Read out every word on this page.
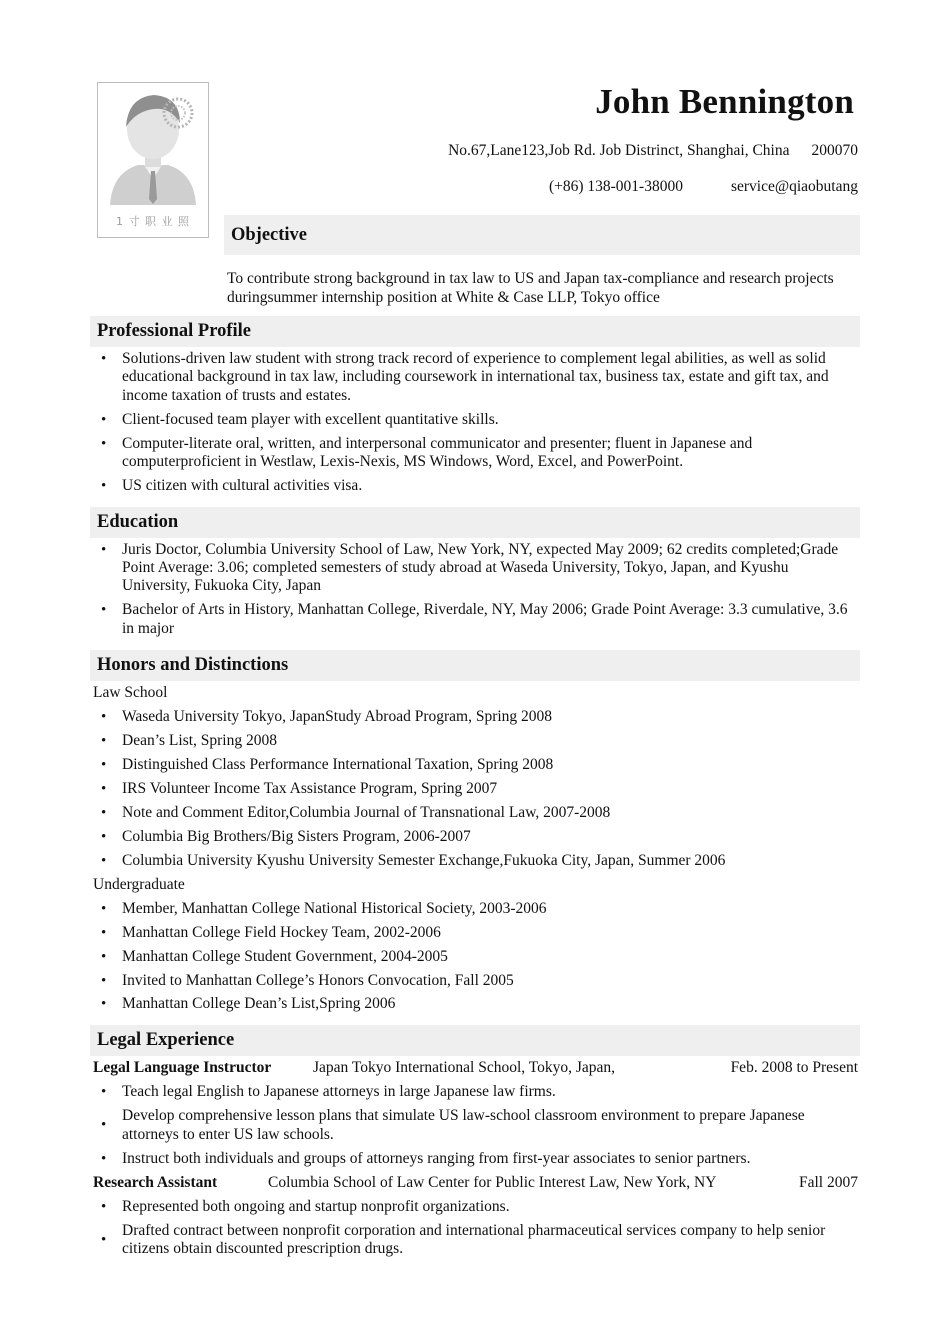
1 寸 职 业 照
John Bennington
No.67,Lane123,Job Rd. Job Distrinct, Shanghai, China 200070
(+86) 138-001-38000	service@qiaobutang
Objective
To contribute strong background in tax law to US and Japan tax-compliance and research projects duringsummer internship position at White & Case LLP, Tokyo office
Professional Profile
• Solutions-driven law student with strong track record of experience to complement legal abilities, as well as solid educational background in tax law, including coursework in international tax, business tax, estate and gift tax, and income taxation of trusts and estates.
• Client-focused team player with excellent quantitative skills.
• Computer-literate oral, written, and interpersonal communicator and presenter; fluent in Japanese and computerproficient in Westlaw, Lexis-Nexis, MS Windows, Word, Excel, and PowerPoint.
• US citizen with cultural activities visa.
Education
• Juris Doctor, Columbia University School of Law, New York, NY, expected May 2009; 62 credits completed;Grade Point Average: 3.06; completed semesters of study abroad at Waseda University, Tokyo, Japan, and Kyushu University, Fukuoka City, Japan
• Bachelor of Arts in History, Manhattan College, Riverdale, NY, May 2006; Grade Point Average: 3.3 cumulative, 3.6 in major
Honors and Distinctions
Law School
• Waseda University Tokyo, JapanStudy Abroad Program, Spring 2008
• Dean’s List, Spring 2008
• Distinguished Class Performance International Taxation, Spring 2008
• IRS Volunteer Income Tax Assistance Program, Spring 2007
• Note and Comment Editor,Columbia Journal of Transnational Law, 2007-2008
• Columbia Big Brothers/Big Sisters Program, 2006-2007
• Columbia University Kyushu University Semester Exchange,Fukuoka City, Japan, Summer 2006
Undergraduate
• Member, Manhattan College National Historical Society, 2003-2006
• Manhattan College Field Hockey Team, 2002-2006
• Manhattan College Student Government, 2004-2005
• Invited to Manhattan College’s Honors Convocation, Fall 2005
• Manhattan College Dean’s List,Spring 2006
Legal Experience
Legal Language Instructor	Japan Tokyo International School, Tokyo, Japan,	Feb. 2008 to Present
• Teach legal English to Japanese attorneys in large Japanese law firms.
• Develop comprehensive lesson plans that simulate US law-school classroom environment to prepare Japanese attorneys to enter US law schools.
• Instruct both individuals and groups of attorneys ranging from first-year associates to senior partners.
Research Assistant	Columbia School of Law Center for Public Interest Law, New York, NY	Fall 2007
• Represented both ongoing and startup nonprofit organizations.
• Drafted contract between nonprofit corporation and international pharmaceutical services company to help senior citizens obtain discounted prescription drugs.
